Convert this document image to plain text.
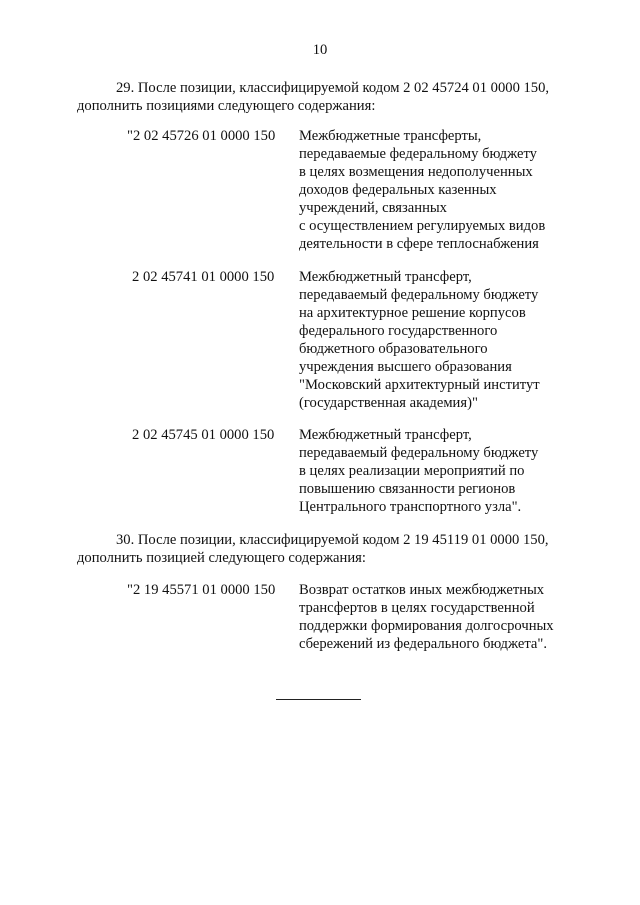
10
29. После позиции, классифицируемой кодом 2 02 45724 01 0000 150,
дополнить позициями следующего содержания:
"2 02 45726 01 0000 150 Межбюджетные трансферты,
передаваемые федеральному бюджету
в целях возмещения недополученных
доходов федеральных казенных
учреждений, связанных
с осуществлением регулируемых видов
деятельности в сфере теплоснабжения
2 02 45741 01 0000 150	Межбюджетный трансферт,
передаваемый федеральному бюджету
на архитектурное решение корпусов
федерального государственного
бюджетного образовательного
учреждения высшего образования
"Московский архитектурный институт
(государственная академия)"
2 02 45745 01 0000 150	Межбюджетный трансферт,
передаваемый федеральному бюджету
в целях реализации мероприятий по
повышению связанности регионов
Центрального транспортного узла".
30. После позиции, классифицируемой кодом 2 19 45119 01 0000 150,
дополнить позицией следующего содержания:
"2 19 45571 01 0000 150 Возврат остатков иных межбюджетных
трансфертов в целях государственной
поддержки формирования долгосрочных
сбережений из федерального бюджета".
